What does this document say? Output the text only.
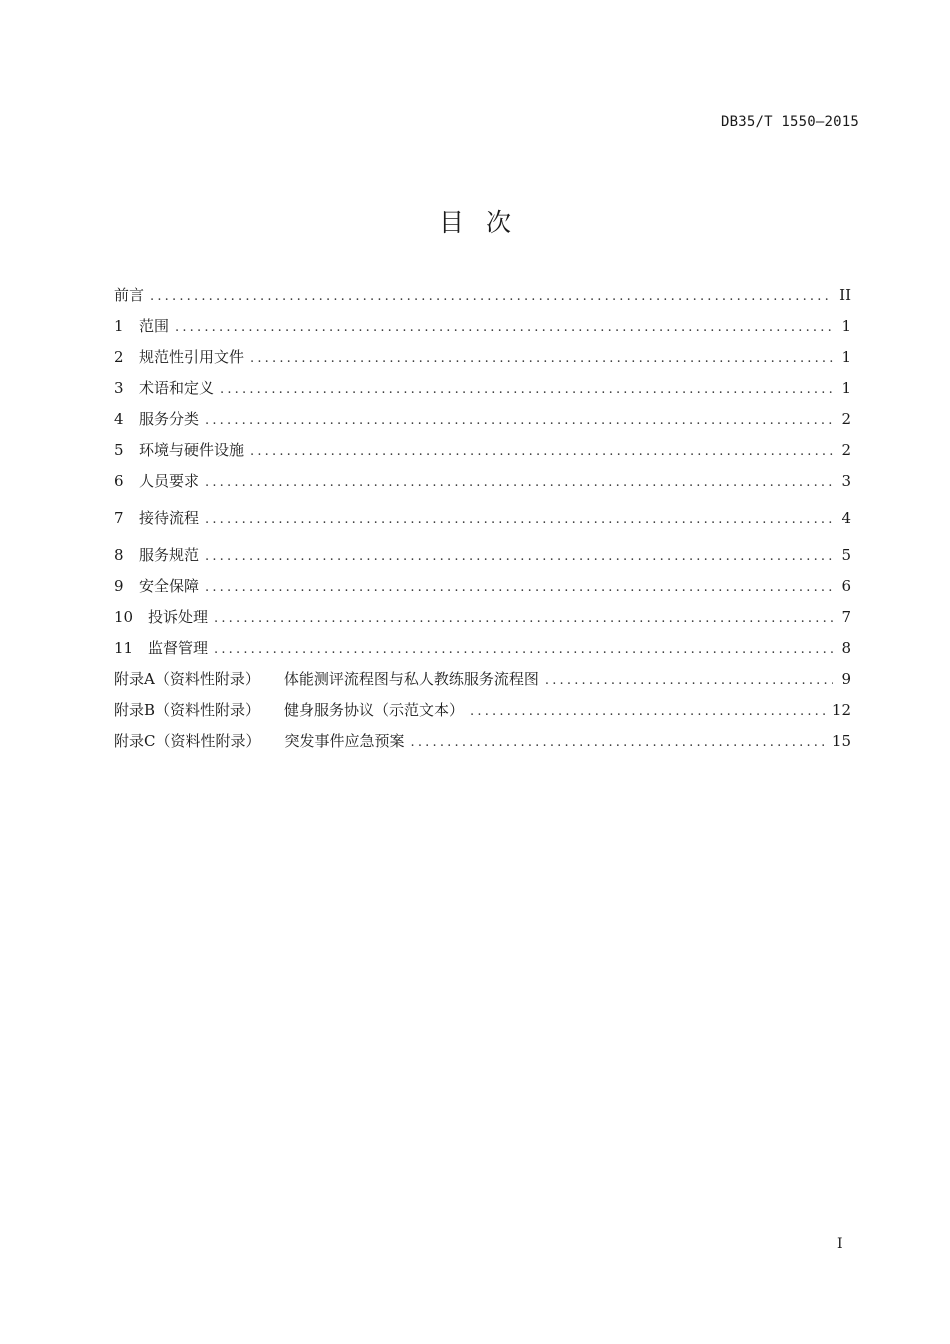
DB35/T 1550—2015
目次
前言 .....	II
1	范围 .....	1
2	规范性引用文件 .....	1
3	术语和定义 .....	1
4	服务分类 .....	2
5	环境与硬件设施 .....	2
6	人员要求 .....	3
7	接待流程 .....	4
8	服务规范 .....	5
9	安全保障 .....	6
10 投诉处理 .....	7
11 监督管理 .....	8
附录A（资料性附录） 体能测评流程图与私人教练服务流程图 .....	9
附录B（资料性附录） 健身服务协议（示范文本） .....	12
附录C（资料性附录） 突发事件应急预案 .....	15
I
